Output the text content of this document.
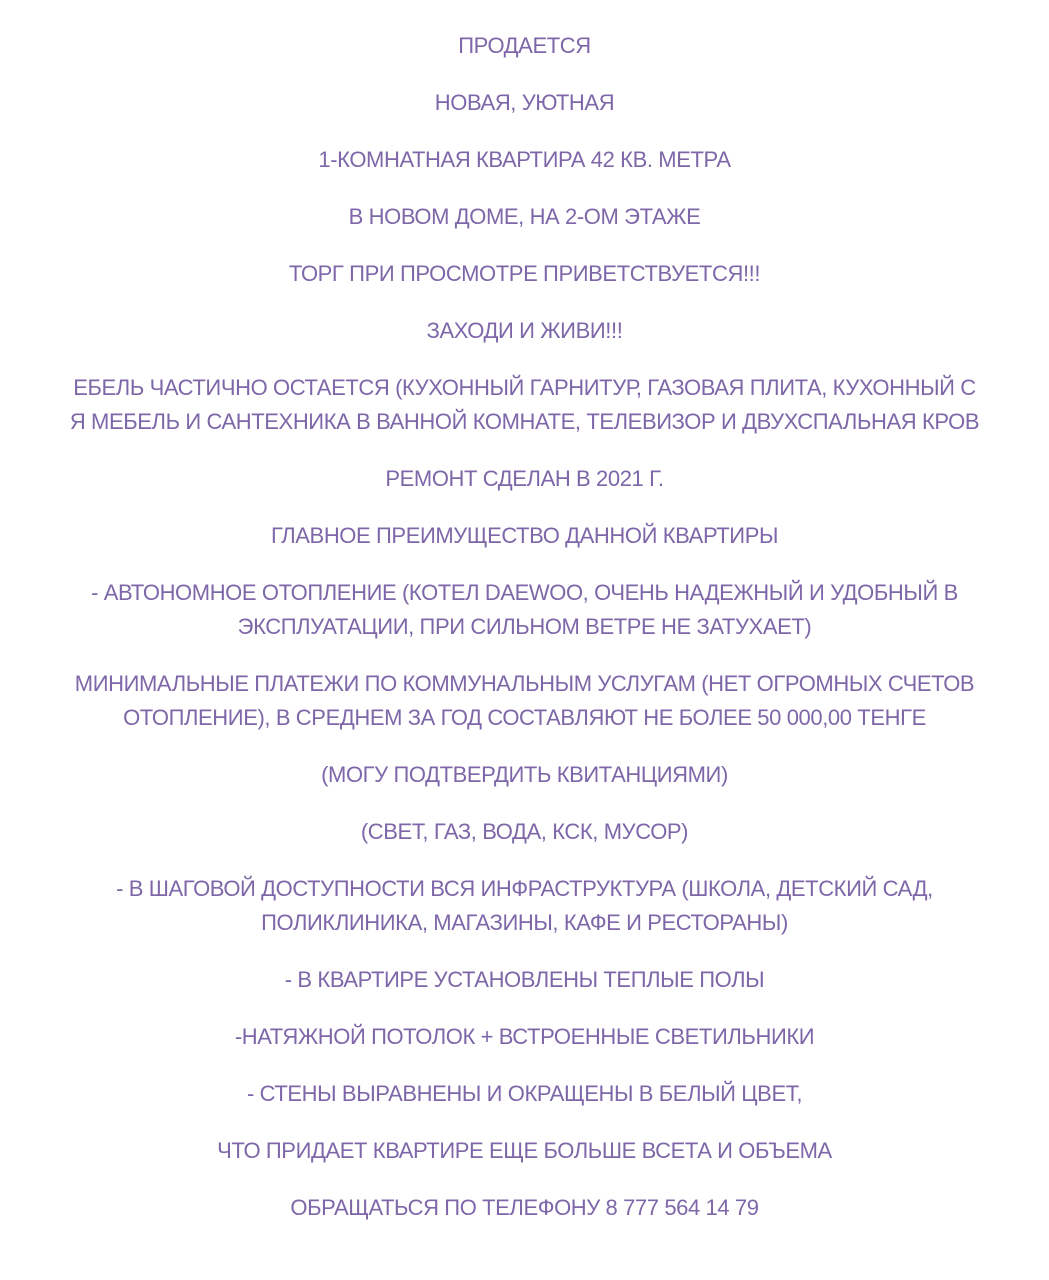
ПРОДАЕТСЯ

НОВАЯ, УЮТНАЯ

1-КОМНАТНАЯ КВАРТИРА 42 КВ. МЕТРА

В НОВОМ ДОМЕ, НА 2-ОМ ЭТАЖЕ

ТОРГ ПРИ ПРОСМОТРЕ ПРИВЕТСТВУЕТСЯ!!!

ЗАХОДИ И ЖИВИ!!!

ЕБЕЛЬ ЧАСТИЧНО ОСТАЕТСЯ (КУХОННЫЙ ГАРНИТУР, ГАЗОВАЯ ПЛИТА, КУХОННЫЙ С
Я МЕБЕЛЬ И САНТЕХНИКА В ВАННОЙ КОМНАТЕ, ТЕЛЕВИЗОР И ДВУХСПАЛЬНАЯ КРОВ

РЕМОНТ СДЕЛАН В 2021 Г.

ГЛАВНОЕ ПРЕИМУЩЕСТВО ДАННОЙ КВАРТИРЫ

- АВТОНОМНОЕ ОТОПЛЕНИЕ (КОТЕЛ DAEWOO, ОЧЕНЬ НАДЕЖНЫЙ И УДОБНЫЙ В
ЭКСПЛУАТАЦИИ, ПРИ СИЛЬНОМ ВЕТРЕ НЕ ЗАТУХАЕТ)

МИНИМАЛЬНЫЕ ПЛАТЕЖИ ПО КОММУНАЛЬНЫМ УСЛУГАМ (НЕТ ОГРОМНЫХ СЧЕТОВ
ОТОПЛЕНИЕ), В СРЕДНЕМ ЗА ГОД СОСТАВЛЯЮТ НЕ БОЛЕЕ 50 000,00 ТЕНГЕ

(МОГУ ПОДТВЕРДИТЬ КВИТАНЦИЯМИ)

(СВЕТ, ГАЗ, ВОДА, КСК, МУСОР)

- В ШАГОВОЙ ДОСТУПНОСТИ ВСЯ ИНФРАСТРУКТУРА (ШКОЛА, ДЕТСКИЙ САД,
ПОЛИКЛИНИКА, МАГАЗИНЫ, КАФЕ И РЕСТОРАНЫ)

- В КВАРТИРЕ УСТАНОВЛЕНЫ ТЕПЛЫЕ ПОЛЫ

-НАТЯЖНОЙ ПОТОЛОК + ВСТРОЕННЫЕ СВЕТИЛЬНИКИ

- СТЕНЫ ВЫРАВНЕНЫ И ОКРАЩЕНЫ В БЕЛЫЙ ЦВЕТ,

ЧТО ПРИДАЕТ КВАРТИРЕ ЕЩЕ БОЛЬШЕ ВСЕТА И ОБЪЕМА

ОБРАЩАТЬСЯ ПО ТЕЛЕФОНУ 8 777 564 14 79
